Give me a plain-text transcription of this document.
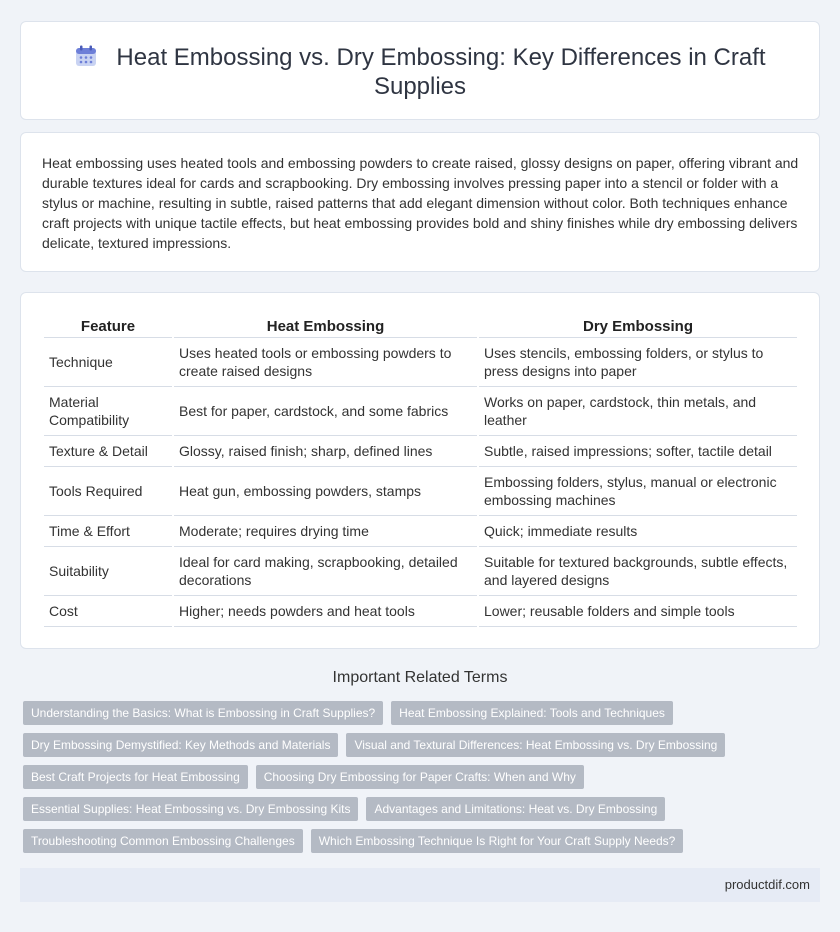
Heat Embossing vs. Dry Embossing: Key Differences in Craft Supplies

Heat embossing uses heated tools and embossing powders to create raised, glossy designs on paper, offering vibrant and durable textures ideal for cards and scrapbooking. Dry embossing involves pressing paper into a stencil or folder with a stylus or machine, resulting in subtle, raised patterns that add elegant dimension without color. Both techniques enhance craft projects with unique tactile effects, but heat embossing provides bold and shiny finishes while dry embossing delivers delicate, textured impressions.

Feature	Heat Embossing	Dry Embossing
Technique	Uses heated tools or embossing powders to create raised designs	Uses stencils, embossing folders, or stylus to press designs into paper
Material Compatibility	Best for paper, cardstock, and some fabrics	Works on paper, cardstock, thin metals, and leather
Texture & Detail	Glossy, raised finish; sharp, defined lines	Subtle, raised impressions; softer, tactile detail
Tools Required	Heat gun, embossing powders, stamps	Embossing folders, stylus, manual or electronic embossing machines
Time & Effort	Moderate; requires drying time	Quick; immediate results
Suitability	Ideal for card making, scrapbooking, detailed decorations	Suitable for textured backgrounds, subtle effects, and layered designs
Cost	Higher; needs powders and heat tools	Lower; reusable folders and simple tools
Important Related Terms
Understanding the Basics: What is Embossing in Craft Supplies?	Heat Embossing Explained: Tools and Techniques
Dry Embossing Demystified: Key Methods and Materials	Visual and Textural Differences: Heat Embossing vs. Dry Embossing
Best Craft Projects for Heat Embossing	Choosing Dry Embossing for Paper Crafts: When and Why
Essential Supplies: Heat Embossing vs. Dry Embossing Kits	Advantages and Limitations: Heat vs. Dry Embossing
Troubleshooting Common Embossing Challenges	Which Embossing Technique Is Right for Your Craft Supply Needs?
productdif.com
